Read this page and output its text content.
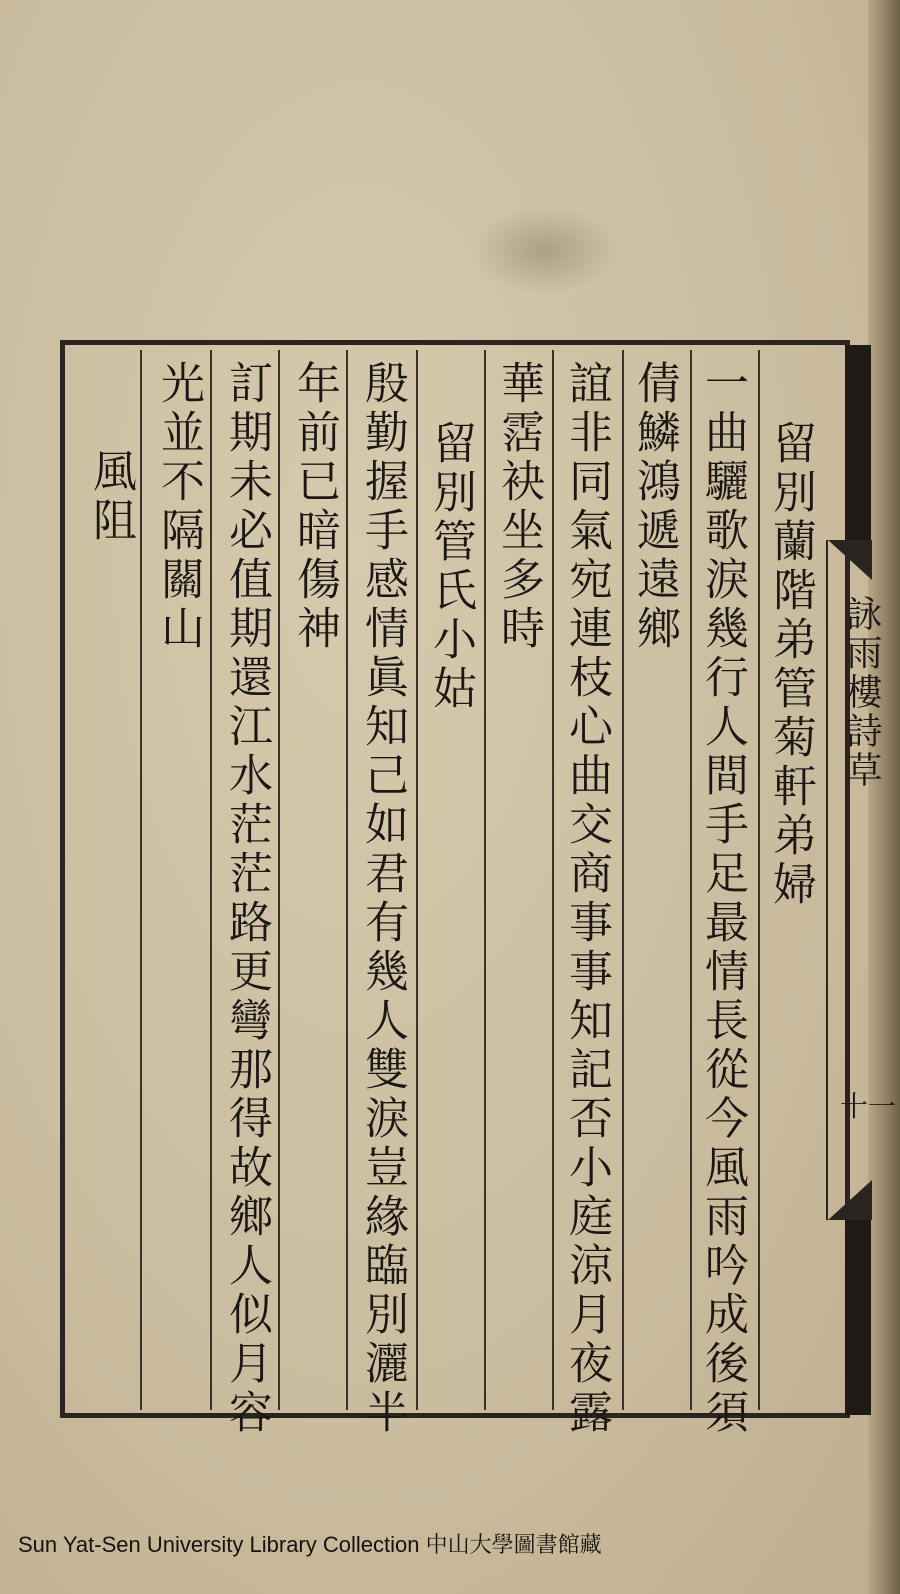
詠雨樓詩草
十一
留別蘭階弟管菊軒弟婦
一曲驪歌淚幾行人間手足最情長從今風雨吟成後須
倩鱗鴻遞遠鄉
誼非同氣宛連枝心曲交商事事知記否小庭涼月夜露
華霑袂坐多時
留別管氏小姑
殷勤握手感情眞知己如君有幾人雙淚豈緣臨別灑半
年前已暗傷神
訂期未必值期還江水茫茫路更彎那得故鄉人似月容
光並不隔關山
風阻
Sun Yat-Sen University Library Collection 中山大學圖書館藏
